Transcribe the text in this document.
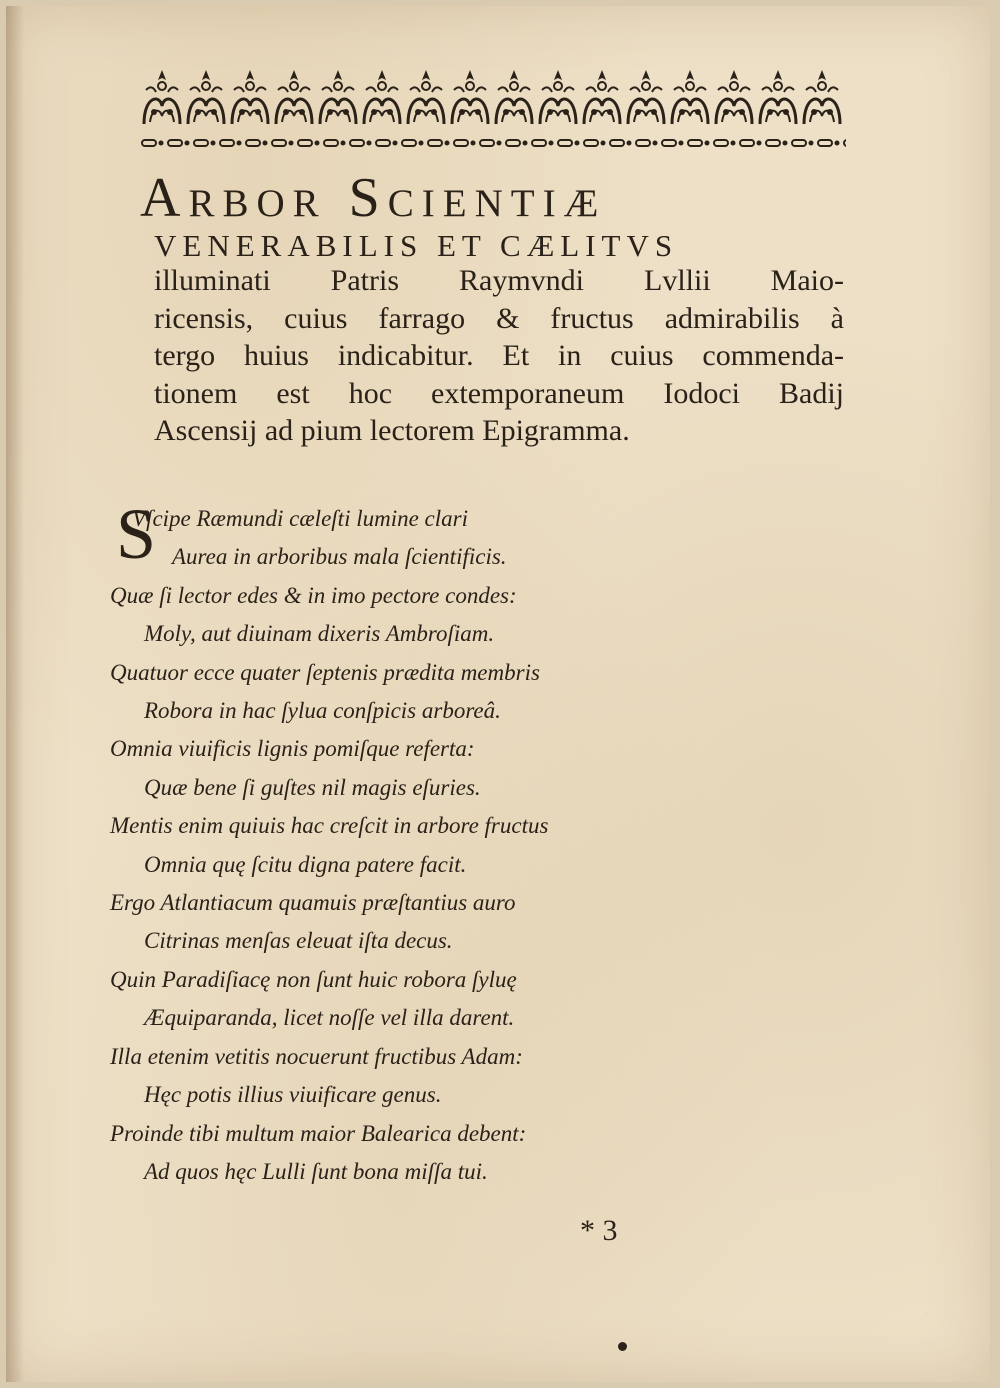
Arbor Scientiæ
VENERABILIS ET CÆLITVS
illuminati Patris Raymvndi Lvllii Maio-
ricensis, cuius farrago & fructus admirabilis à
tergo huius indicabitur. Et in cuius commenda-
tionem est hoc extemporaneum Iodoci Badij
Ascensij ad pium lectorem Epigramma.
S
Vſcipe Ræmundi cæleſti lumine clari
Aurea in arboribus mala ſcientificis.
Quæ ſi lector edes & in imo pectore condes:
Moly, aut diuinam dixeris Ambroſiam.
Quatuor ecce quater ſeptenis prædita membris
Robora in hac ſylua conſpicis arboreâ.
Omnia viuificis lignis pomiſque referta:
Quæ bene ſi guſtes nil magis eſuries.
Mentis enim quiuis hac creſcit in arbore fructus
Omnia quę ſcitu digna patere facit.
Ergo Atlantiacum quamuis præſtantius auro
Citrinas menſas eleuat iſta decus.
Quin Paradiſiacę non ſunt huic robora ſyluę
Æquiparanda, licet noſſe vel illa darent.
Illa etenim vetitis nocuerunt fructibus Adam:
Hęc potis illius viuificare genus.
Proinde tibi multum maior Balearica debent:
Ad quos hęc Lulli ſunt bona miſſa tui.
* 3
